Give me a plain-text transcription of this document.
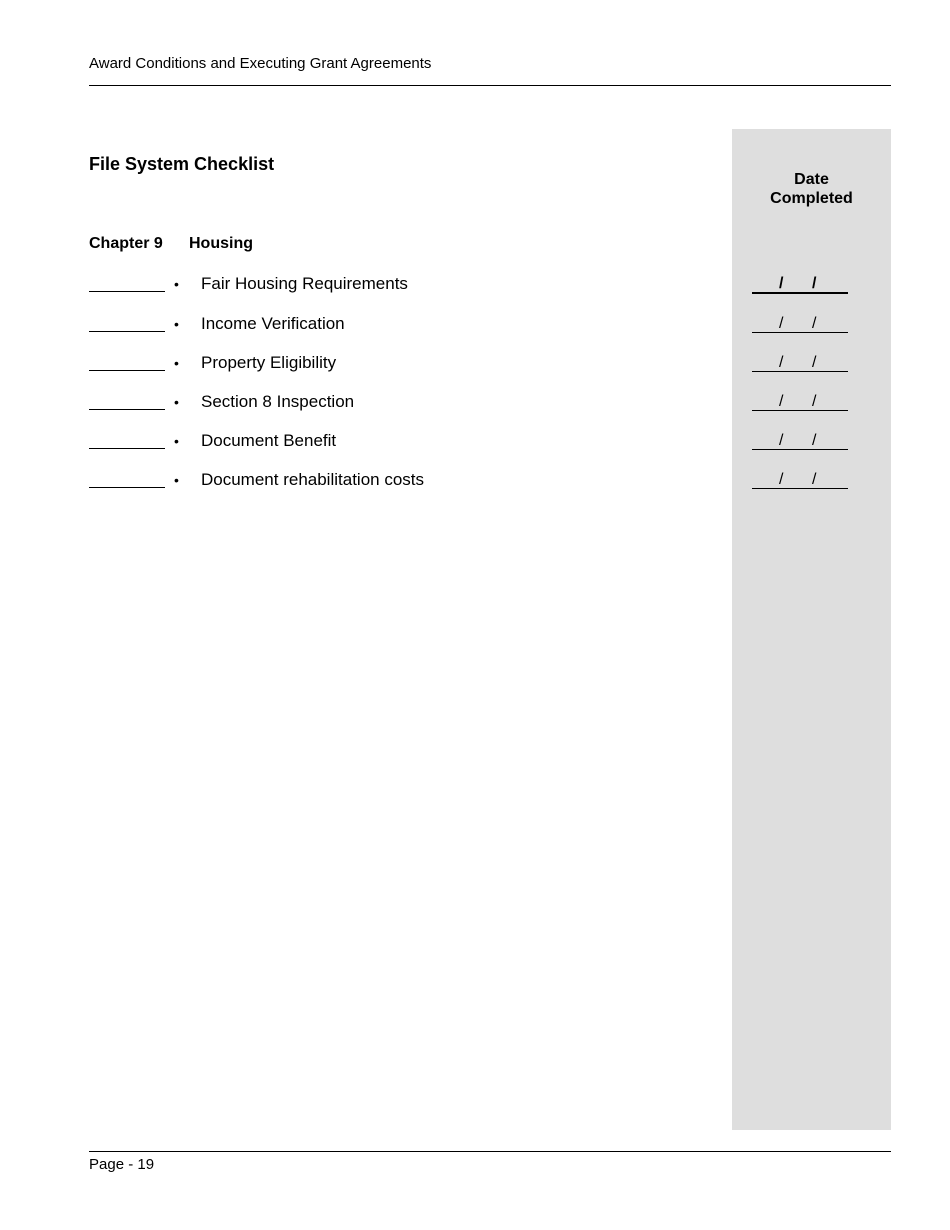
Award Conditions and Executing Grant Agreements
Date
Completed
File System Checklist
Chapter 9 Housing
• Fair Housing Requirements	/ /
• Income Verification	/ /
• Property Eligibility	/ /
• Section 8 Inspection	/ /
• Document Benefit	/ /
• Document rehabilitation costs	/ /
Page - 19
